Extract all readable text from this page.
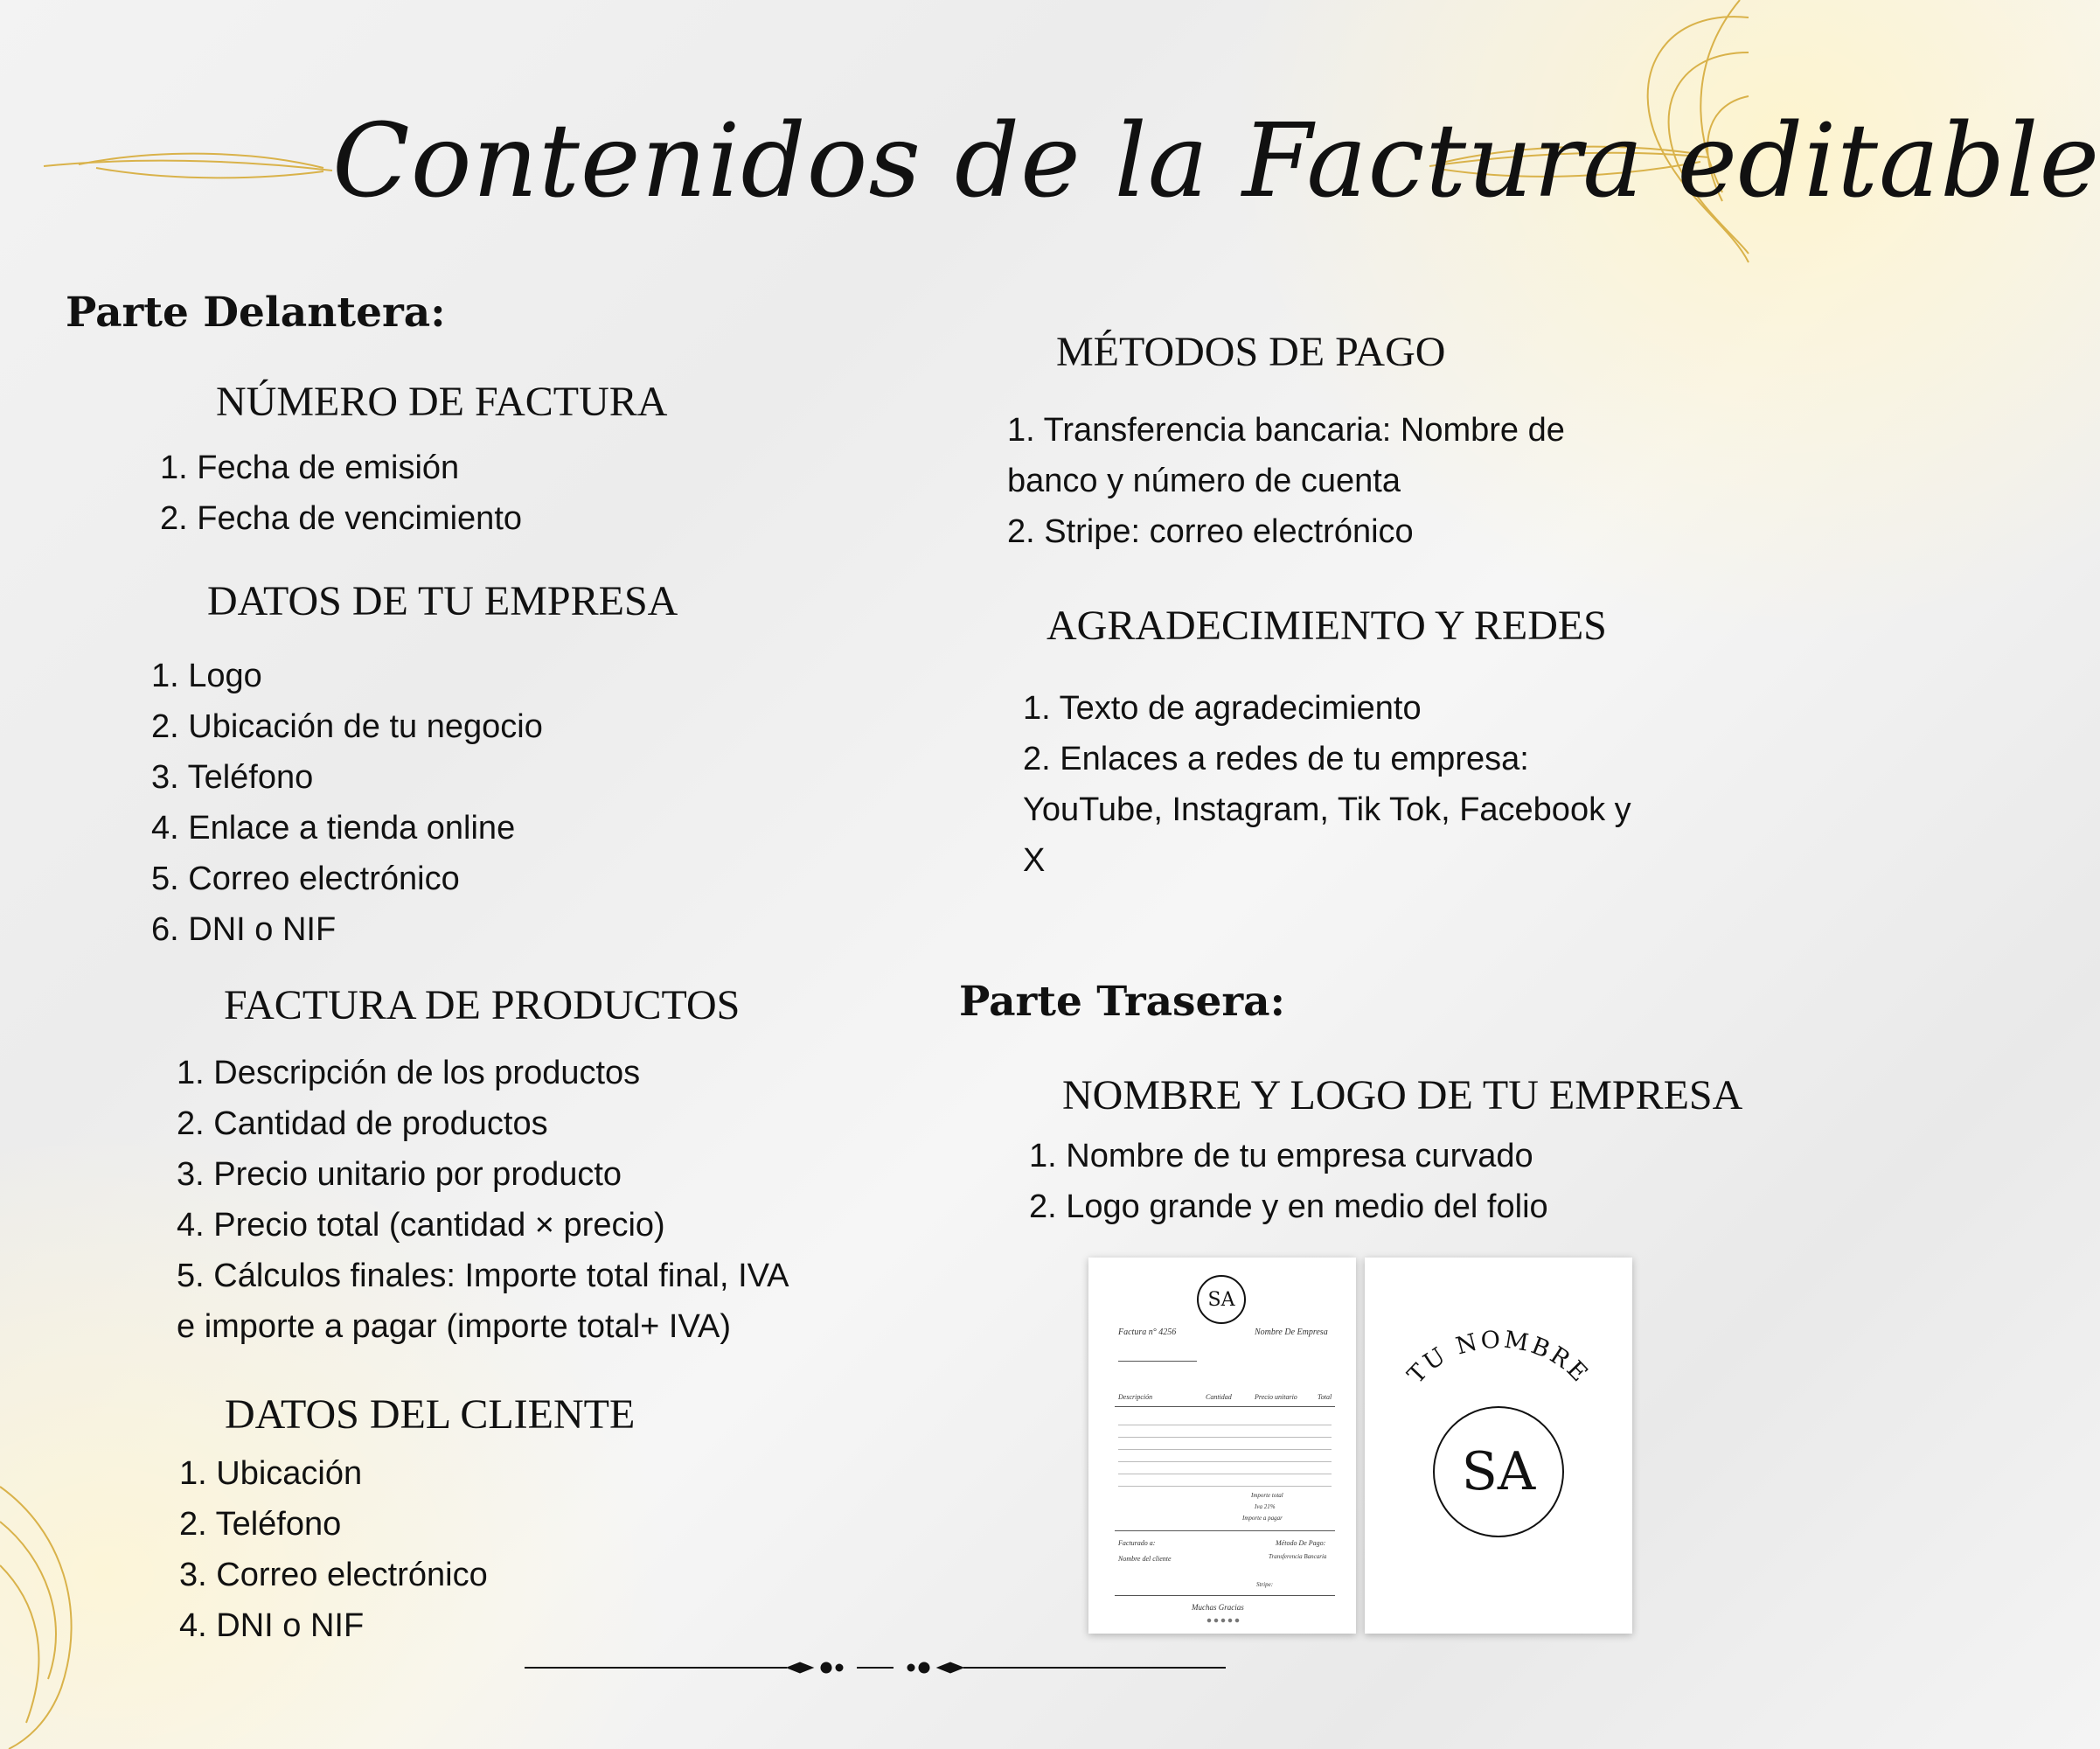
Contenidos de la Factura editable
Parte Delantera:
NÚMERO DE FACTURA
1. Fecha de emisión
2. Fecha de vencimiento
DATOS DE TU EMPRESA
1. Logo
2. Ubicación de tu negocio
3. Teléfono
4. Enlace a tienda online
5. Correo electrónico
6. DNI o NIF
FACTURA DE PRODUCTOS
1. Descripción de los productos
2. Cantidad de productos
3. Precio unitario por producto
4. Precio total (cantidad × precio)
5. Cálculos finales: Importe total final, IVA
e importe a pagar (importe total+ IVA)
DATOS DEL CLIENTE
1. Ubicación
2. Teléfono
3. Correo electrónico
4. DNI o NIF
MÉTODOS DE PAGO
1. Transferencia bancaria: Nombre de
banco y número de cuenta
2. Stripe: correo electrónico
AGRADECIMIENTO Y REDES
1. Texto de agradecimiento
2. Enlaces a redes de tu empresa:
YouTube, Instagram, Tik Tok, Facebook y
X
Parte Trasera:
NOMBRE Y LOGO DE TU EMPRESA
1. Nombre de tu empresa curvado
2. Logo grande y en medio del folio
SA
Factura n° 4256	Nombre De Empresa
Descripción	Cantidad	Precio unitario	Total
Importe total
Iva 21%
Importe a pagar
Facturado a:
Nombre del cliente
Método De Pago:
Transferencia Bancaria
Stripe:
Muchas Gracias
TU NOMBRE
SA
